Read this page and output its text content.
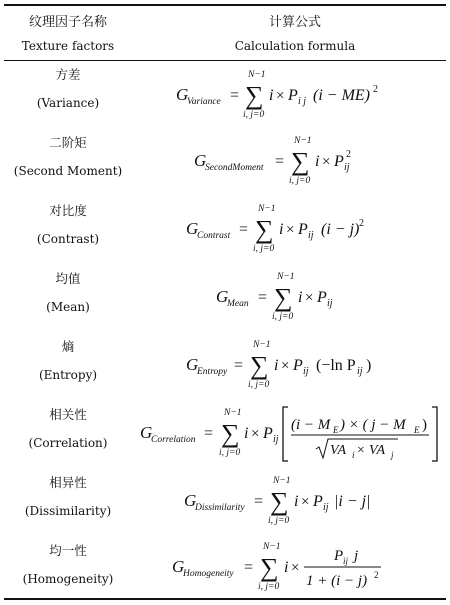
纹理因子名称
Texture factors
计算公式
Calculation formula
方差
(Variance)	G
Variance =
N−1
∑
i, j=0
i × P i j (i − ME) 2
二阶矩
(Second Moment)
G
SecondMoment =
N−1
∑
i, j=0
i × P ij
2
对比度
(Contrast)
G
Contrast =
N−1
∑
i, j=0
i × P ij (i − j) 2
均值
(Mean)
G
Mean =
N−1
∑
i, j=0
i × P ij
熵
(Entropy)
G
Entropy =
N−1
∑
i, j=0
i × P ij (−ln P ij )
相关性
(Correlation)
G
Correlation =
N−1
∑
i, j=0
i × P ij
(i − M E ) × ( j − M E )
VA i × VA j
相异性
(Dissimilarity)
G
Dissimilarity =
N−1
∑
i, j=0
i × P ij |i − j|
均一性
(Homogeneity)
G
Homogeneity =
N−1
∑
i, j=0
i ×
P ij j
1 + (i − j) 2
